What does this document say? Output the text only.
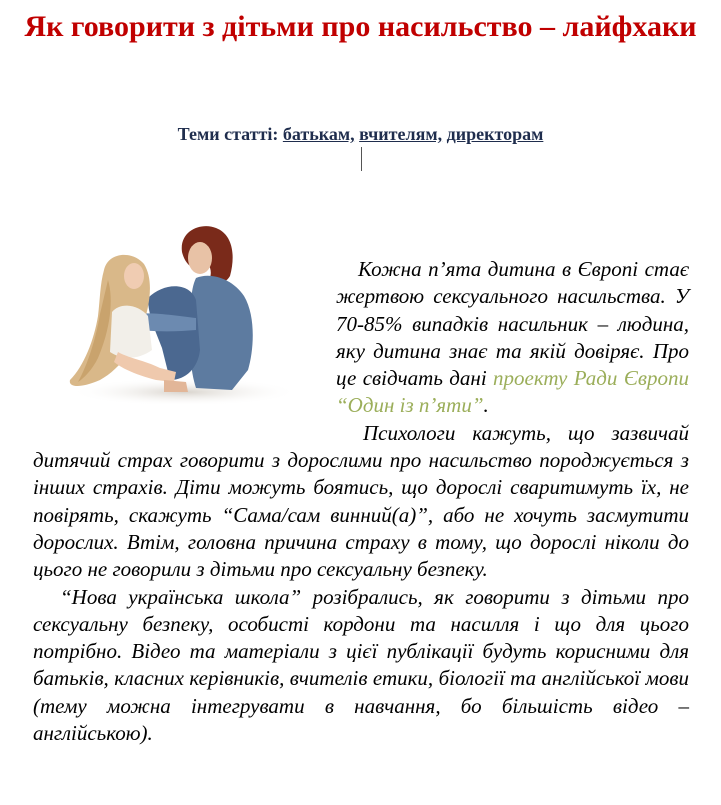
Як говорити з дітьми про насильство – лайфхаки
Теми статті: батькам, вчителям, директорам

Кожна п’ята дитина в Європі стає жертвою сексуального насильства. У 70-85% випадків насильник – людина, яку дитина знає та якій довіряє. Про це свідчать дані проекту Ради Європи “Один із п’яти”.

Психологи кажуть, що зазвичай дитячий страх говорити з дорослими про насильство породжується з інших страхів. Діти можуть боятись, що дорослі сваритимуть їх, не повірять, скажуть “Сама/сам винний(а)”, або не хочуть засмутити дорослих. Втім, головна причина страху в тому, що дорослі ніколи до цього не говорили з дітьми про сексуальну безпеку.

“Нова українська школа” розібрались, як говорити з дітьми про сексуальну безпеку, особисті кордони та насилля і що для цього потрібно. Відео та матеріали з цієї публікації будуть корисними для батьків, класних керівників, вчителів етики, біології та англійської мови (тему можна інтегрувати в навчання, бо більшість відео – англійською).
